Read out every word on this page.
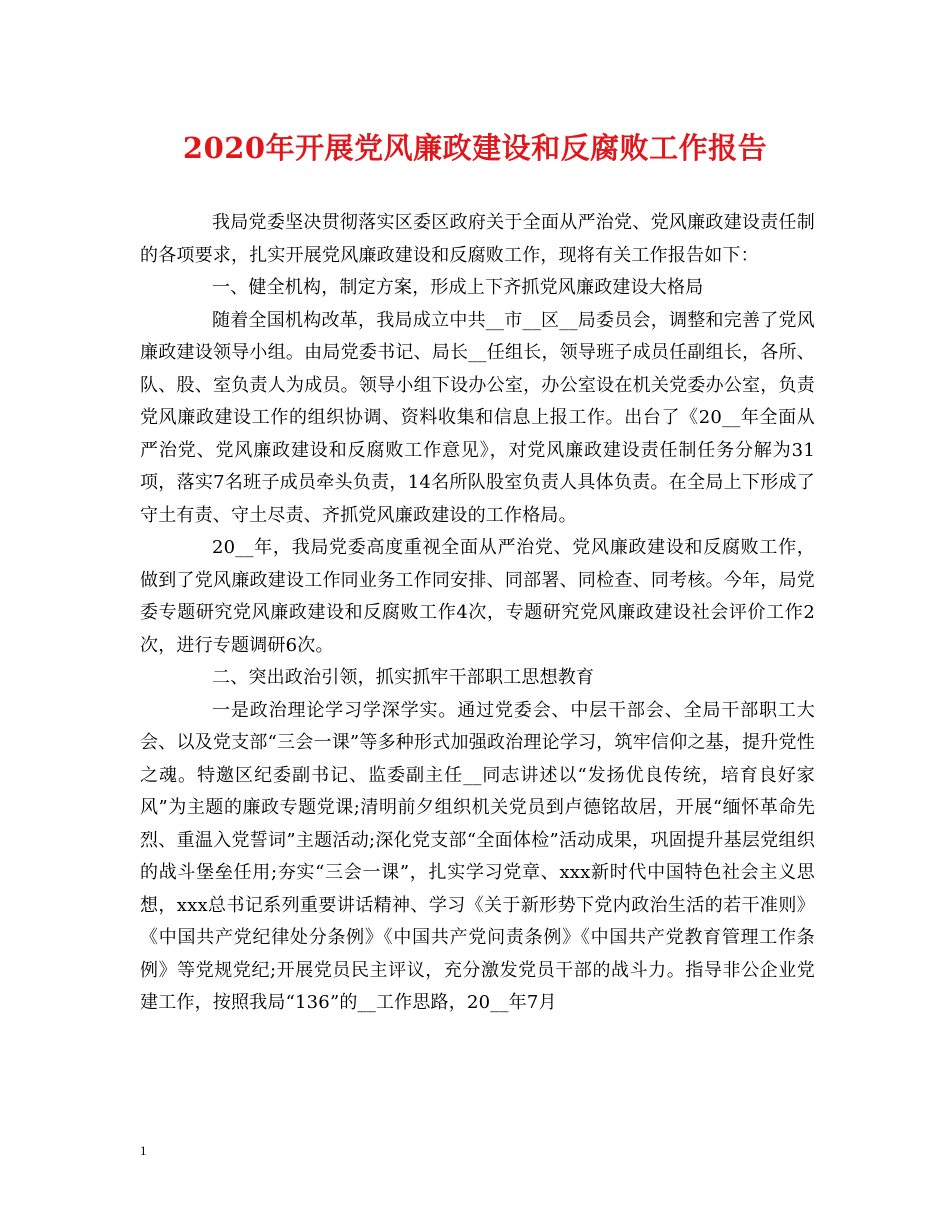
2020年开展党风廉政建设和反腐败工作报告

我局党委坚决贯彻落实区委区政府关于全面从严治党、党风廉政建设责任制的各项要求，扎实开展党风廉政建设和反腐败工作，现将有关工作报告如下：

一、健全机构，制定方案，形成上下齐抓党风廉政建设大格局

随着全国机构改革，我局成立中共__市__区__局委员会，调整和完善了党风廉政建设领导小组。由局党委书记、局长__任组长，领导班子成员任副组长，各所、队、股、室负责人为成员。领导小组下设办公室，办公室设在机关党委办公室，负责党风廉政建设工作的组织协调、资料收集和信息上报工作。出台了《20__年全面从严治党、党风廉政建设和反腐败工作意见》，对党风廉政建设责任制任务分解为31项，落实7名班子成员牵头负责，14名所队股室负责人具体负责。在全局上下形成了守土有责、守土尽责、齐抓党风廉政建设的工作格局。

20__年，我局党委高度重视全面从严治党、党风廉政建设和反腐败工作，做到了党风廉政建设工作同业务工作同安排、同部署、同检查、同考核。今年，局党委专题研究党风廉政建设和反腐败工作4次，专题研究党风廉政建设社会评价工作2次，进行专题调研6次。

二、突出政治引领，抓实抓牢干部职工思想教育

一是政治理论学习学深学实。通过党委会、中层干部会、全局干部职工大会、以及党支部“三会一课”等多种形式加强政治理论学习，筑牢信仰之基，提升党性之魂。特邀区纪委副书记、监委副主任__同志讲述以“发扬优良传统，培育良好家风”为主题的廉政专题党课;清明前夕组织机关党员到卢德铭故居，开展“缅怀革命先烈、重温入党誓词”主题活动;深化党支部“全面体检”活动成果，巩固提升基层党组织的战斗堡垒任用;夯实“三会一课”，扎实学习党章、xxx新时代中国特色社会主义思想，xxx总书记系列重要讲话精神、学习《关于新形势下党内政治生活的若干准则》《中国共产党纪律处分条例》《中国共产党问责条例》《中国共产党教育管理工作条例》等党规党纪;开展党员民主评议，充分激发党员干部的战斗力。指导非公企业党建工作，按照我局“136”的__工作思路，20__年7月

1
